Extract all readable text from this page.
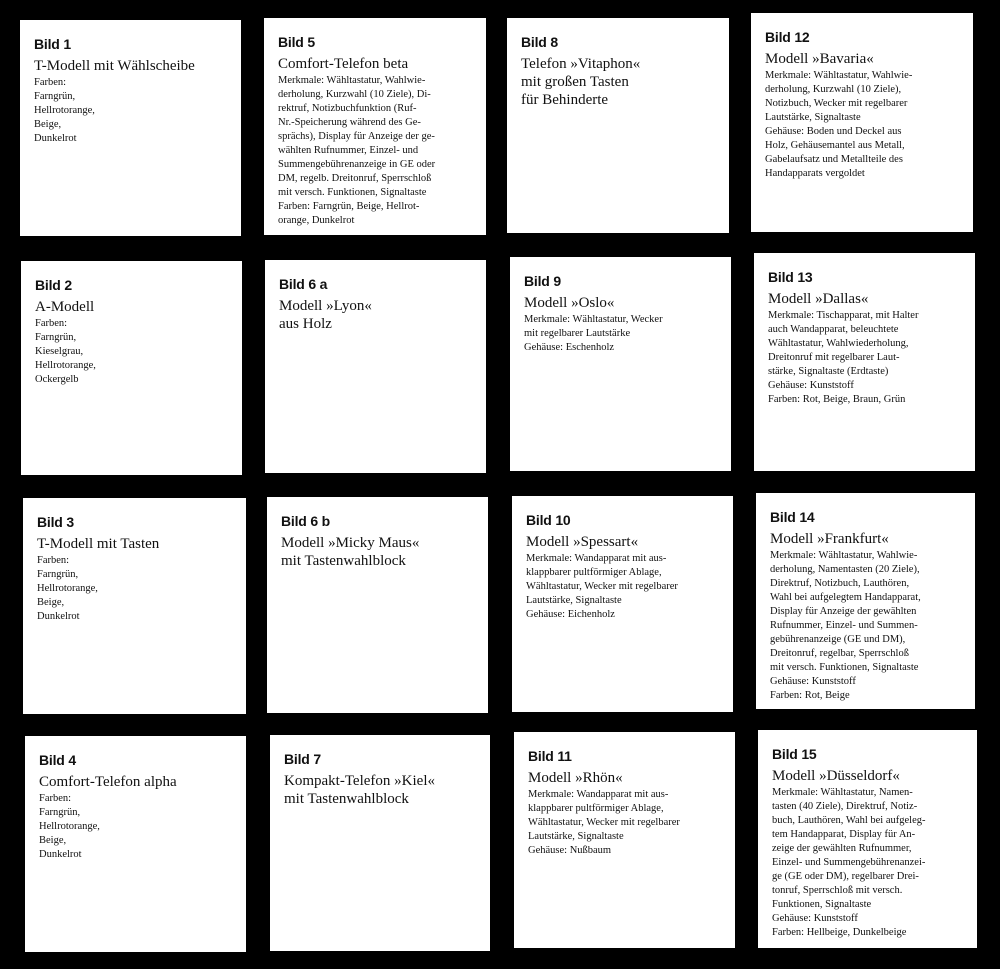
Bild 1
T-Modell mit Wählscheibe
Farben:
Farngrün,
Hellrotorange,
Beige,
Dunkelrot
Bild 5
Comfort-Telefon beta
Merkmale: Wähltastatur, Wahlwie-
derholung, Kurzwahl (10 Ziele), Di-
rektruf, Notizbuchfunktion (Ruf-
Nr.-Speicherung während des Ge-
sprächs), Display für Anzeige der ge-
wählten Rufnummer, Einzel- und
Summengebührenanzeige in GE oder
DM, regelb. Dreitonruf, Sperrschloß
mit versch. Funktionen, Signaltaste
Farben: Farngrün, Beige, Hellrot-
orange, Dunkelrot
Bild 8
Telefon »Vitaphon«
mit großen Tasten
für Behinderte
Bild 12
Modell »Bavaria«
Merkmale: Wähltastatur, Wahlwie-
derholung, Kurzwahl (10 Ziele),
Notizbuch, Wecker mit regelbarer
Lautstärke, Signaltaste
Gehäuse: Boden und Deckel aus
Holz, Gehäusemantel aus Metall,
Gabelaufsatz und Metallteile des
Handapparats vergoldet
Bild 2
A-Modell
Farben:
Farngrün,
Kieselgrau,
Hellrotorange,
Ockergelb
Bild 6 a
Modell »Lyon«
aus Holz
Bild 9
Modell »Oslo«
Merkmale: Wähltastatur, Wecker
mit regelbarer Lautstärke
Gehäuse: Eschenholz
Bild 13
Modell »Dallas«
Merkmale: Tischapparat, mit Halter
auch Wandapparat, beleuchtete
Wähltastatur, Wahlwiederholung,
Dreitonruf mit regelbarer Laut-
stärke, Signaltaste (Erdtaste)
Gehäuse: Kunststoff
Farben: Rot, Beige, Braun, Grün
Bild 3
T-Modell mit Tasten
Farben:
Farngrün,
Hellrotorange,
Beige,
Dunkelrot
Bild 6 b
Modell »Micky Maus«
mit Tastenwahlblock
Bild 10
Modell »Spessart«
Merkmale: Wandapparat mit aus-
klappbarer pultförmiger Ablage,
Wähltastatur, Wecker mit regelbarer
Lautstärke, Signaltaste
Gehäuse: Eichenholz
Bild 14
Modell »Frankfurt«
Merkmale: Wähltastatur, Wahlwie-
derholung, Namentasten (20 Ziele),
Direktruf, Notizbuch, Lauthören,
Wahl bei aufgelegtem Handapparat,
Display für Anzeige der gewählten
Rufnummer, Einzel- und Summen-
gebührenanzeige (GE und DM),
Dreitonruf, regelbar, Sperrschloß
mit versch. Funktionen, Signaltaste
Gehäuse: Kunststoff
Farben: Rot, Beige
Bild 4
Comfort-Telefon alpha
Farben:
Farngrün,
Hellrotorange,
Beige,
Dunkelrot
Bild 7
Kompakt-Telefon »Kiel«
mit Tastenwahlblock
Bild 11
Modell »Rhön«
Merkmale: Wandapparat mit aus-
klappbarer pultförmiger Ablage,
Wähltastatur, Wecker mit regelbarer
Lautstärke, Signaltaste
Gehäuse: Nußbaum
Bild 15
Modell »Düsseldorf«
Merkmale: Wähltastatur, Namen-
tasten (40 Ziele), Direktruf, Notiz-
buch, Lauthören, Wahl bei aufgeleg-
tem Handapparat, Display für An-
zeige der gewählten Rufnummer,
Einzel- und Summengebührenanzei-
ge (GE oder DM), regelbarer Drei-
tonruf, Sperrschloß mit versch.
Funktionen, Signaltaste
Gehäuse: Kunststoff
Farben: Hellbeige, Dunkelbeige
